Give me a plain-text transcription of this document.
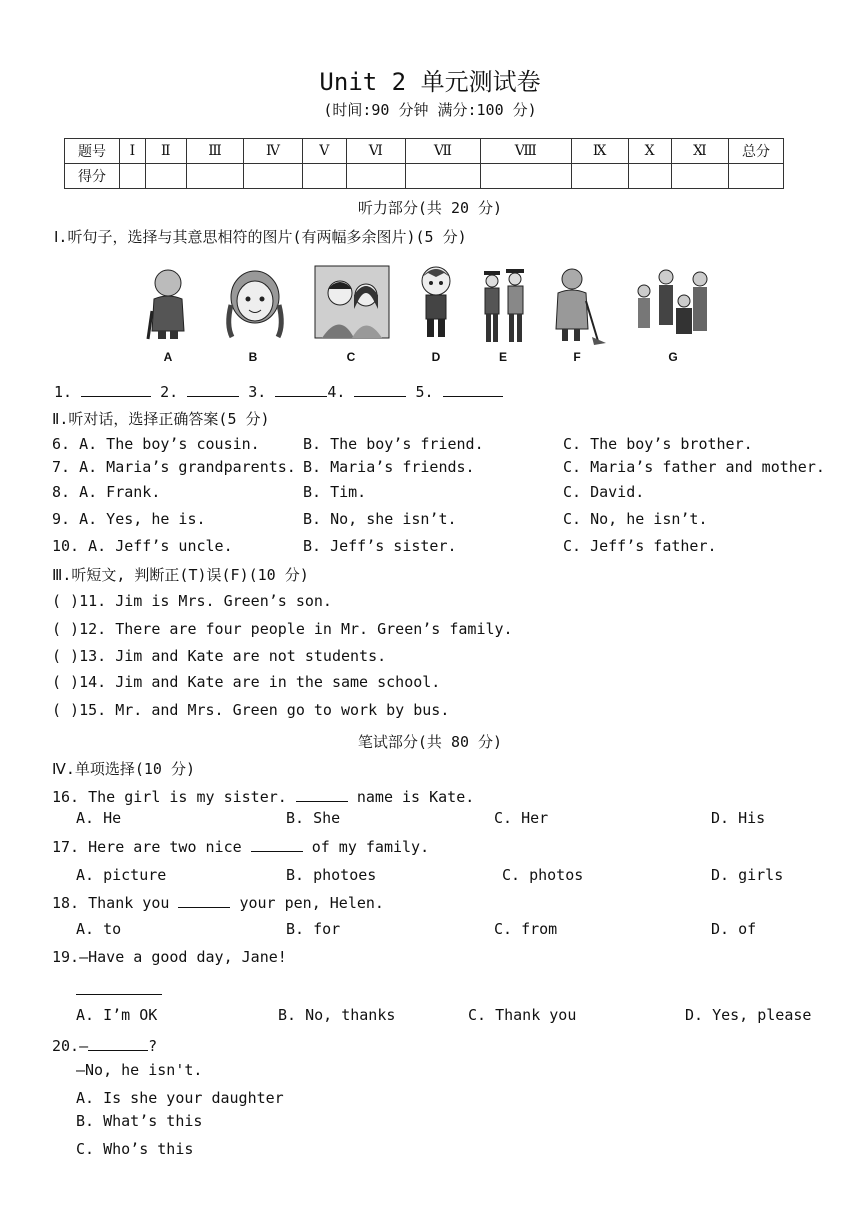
Unit 2 单元测试卷
(时间:90 分钟 满分:100 分)
题号	Ⅰ	Ⅱ	Ⅲ	Ⅳ	Ⅴ	Ⅵ	Ⅶ	Ⅷ	Ⅸ	Ⅹ	Ⅺ	总分
得分												
听力部分(共 20 分)
Ⅰ.听句子，选择与其意思相符的图片(有两幅多余图片)(5 分)
A	B	C	D	E	F	G
1.	2.	3.	4.	5.
Ⅱ.听对话，选择正确答案(5 分)
6. A. The boy’s cousin.	B. The boy’s friend.	C. The boy’s brother.
7. A. Maria’s grandparents. B. Maria’s friends.	C. Maria’s father and mother.
8. A. Frank.	B. Tim.	C. David.
9. A. Yes, he is.	B. No, she isn’t.	C. No, he isn’t.
10. A. Jeff’s uncle.	B. Jeff’s sister.	C. Jeff’s father.
Ⅲ.听短文, 判断正(T)误(F)(10 分)
( )11. Jim is Mrs. Green’s son.
( )12. There are four people in Mr. Green’s family.
( )13. Jim and Kate are not students.
( )14. Jim and Kate are in the same school.
( )15. Mr. and Mrs. Green go to work by bus.
笔试部分(共 80 分)
Ⅳ.单项选择(10 分)
16. The girl is my sister.	name is Kate.
A. He	B. She	C. Her	D. His
17. Here are two nice	of my family.
A. picture	B. photoes	C. photos	D. girls
18. Thank you	your pen, Helen.
A. to	B. for	C. from	D. of
19.—Have a good day, Jane!
A. I’m OK	B. No, thanks	C. Thank you	D. Yes, please
20.—	?
—No, he isn't.
A. Is she your daughter
B. What’s this
C. Who’s this
